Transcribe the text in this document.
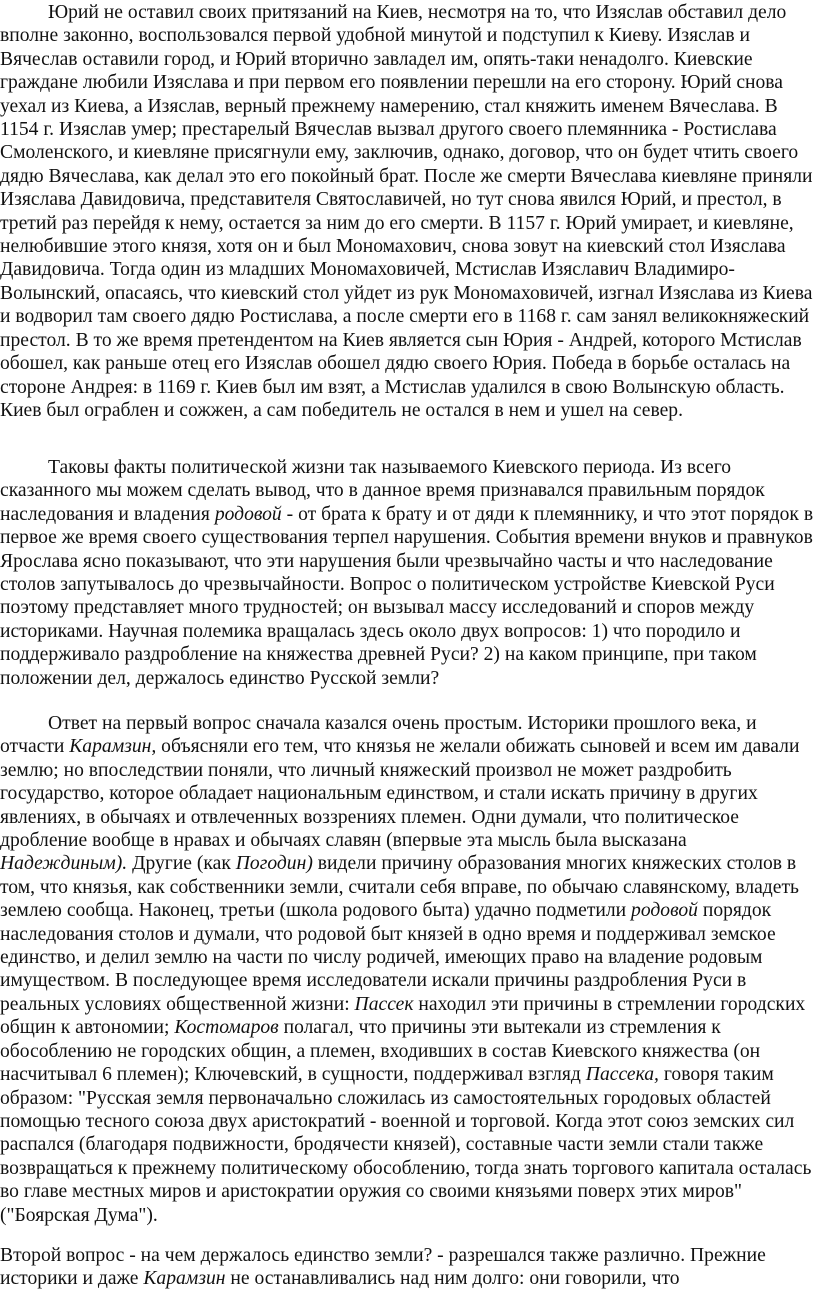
Юрий не оставил своих притязаний на Киев, несмотря на то, что Изяслав обставил дело вполне законно, воспользовался первой удобной минутой и подступил к Киеву. Изяслав и Вячеслав оставили город, и Юрий вторично завладел им, опять-таки ненадолго. Киевские граждане любили Изяслава и при первом его появлении перешли на его сторону. Юрий снова уехал из Киева, а Изяслав, верный прежнему намерению, стал княжить именем Вячеслава. В 1154 г. Изяслав умер; престарелый Вячеслав вызвал другого своего племянника - Ростислава Смоленского, и киевляне присягнули ему, заключив, однако, договор, что он будет чтить своего дядю Вячеслава, как делал это его покойный брат. После же смерти Вячеслава киевляне приняли Изяслава Давидовича, представителя Святославичей, но тут снова явился Юрий, и престол, в третий раз перейдя к нему, остается за ним до его смерти. В 1157 г. Юрий умирает, и киевляне, нелюбившие этого князя, хотя он и был Мономахович, снова зовут на киевский стол Изяслава Давидовича. Тогда один из младших Мономаховичей, Мстислав Изяславич Владимиро-Волынский, опасаясь, что киевский стол уйдет из рук Мономаховичей, изгнал Изяслава из Киева и водворил там своего дядю Ростислава, а после смерти его в 1168 г. сам занял великокняжеский престол. В то же время претендентом на Киев является сын Юрия - Андрей, которого Мстислав обошел, как раньше отец его Изяслав обошел дядю своего Юрия. Победа в борьбе осталась на стороне Андрея: в 1169 г. Киев был им взят, а Мстислав удалился в свою Волынскую область. Киев был ограблен и сожжен, а сам победитель не остался в нем и ушел на север.

Таковы факты политической жизни так называемого Киевского периода. Из всего сказанного мы можем сделать вывод, что в данное время признавался правильным порядок наследования и владения родовой - от брата к брату и от дяди к племяннику, и что этот порядок в первое же время своего существования терпел нарушения. События времени внуков и правнуков Ярослава ясно показывают, что эти нарушения были чрезвычайно часты и что наследование столов запутывалось до чрезвычайности. Вопрос о политическом устройстве Киевской Руси поэтому представляет много трудностей; он вызывал массу исследований и споров между историками. Научная полемика вращалась здесь около двух вопросов: 1) что породило и поддерживало раздробление на княжества древней Руси? 2) на каком принципе, при таком положении дел, держалось единство Русской земли?

Ответ на первый вопрос сначала казался очень простым. Историки прошлого века, и отчасти Карамзин, объясняли его тем, что князья не желали обижать сыновей и всем им давали землю; но впоследствии поняли, что личный княжеский произвол не может раздробить государство, которое обладает национальным единством, и стали искать причину в других явлениях, в обычаях и отвлеченных воззрениях племен. Одни думали, что политическое дробление вообще в нравах и обычаях славян (впервые эта мысль была высказана Надеждиным). Другие (как Погодин) видели причину образования многих княжеских столов в том, что князья, как собственники земли, считали себя вправе, по обычаю славянскому, владеть землею сообща. Наконец, третьи (школа родового быта) удачно подметили родовой порядок наследования столов и думали, что родовой быт князей в одно время и поддерживал земское единство, и делил землю на части по числу родичей, имеющих право на владение родовым имуществом. В последующее время исследователи искали причины раздробления Руси в реальных условиях общественной жизни: Пассек находил эти причины в стремлении городских общин к автономии; Костомаров полагал, что причины эти вытекали из стремления к обособлению не городских общин, а племен, входивших в состав Киевского княжества (он насчитывал 6 племен); Ключевский, в сущности, поддерживал взгляд Пассека, говоря таким образом: "Русская земля первоначально сложилась из самостоятельных городовых областей помощью тесного союза двух аристократий - военной и торговой. Когда этот союз земских сил распался (благодаря подвижности, бродячести князей), составные части земли стали также возвращаться к прежнему политическому обособлению, тогда знать торгового капитала осталась во главе местных миров и аристократии оружия со своими князьями поверх этих миров" ("Боярская Дума").

Второй вопрос - на чем держалось единство земли? - разрешался также различно. Прежние историки и даже Карамзин не останавливались над ним долго: они говорили, что
